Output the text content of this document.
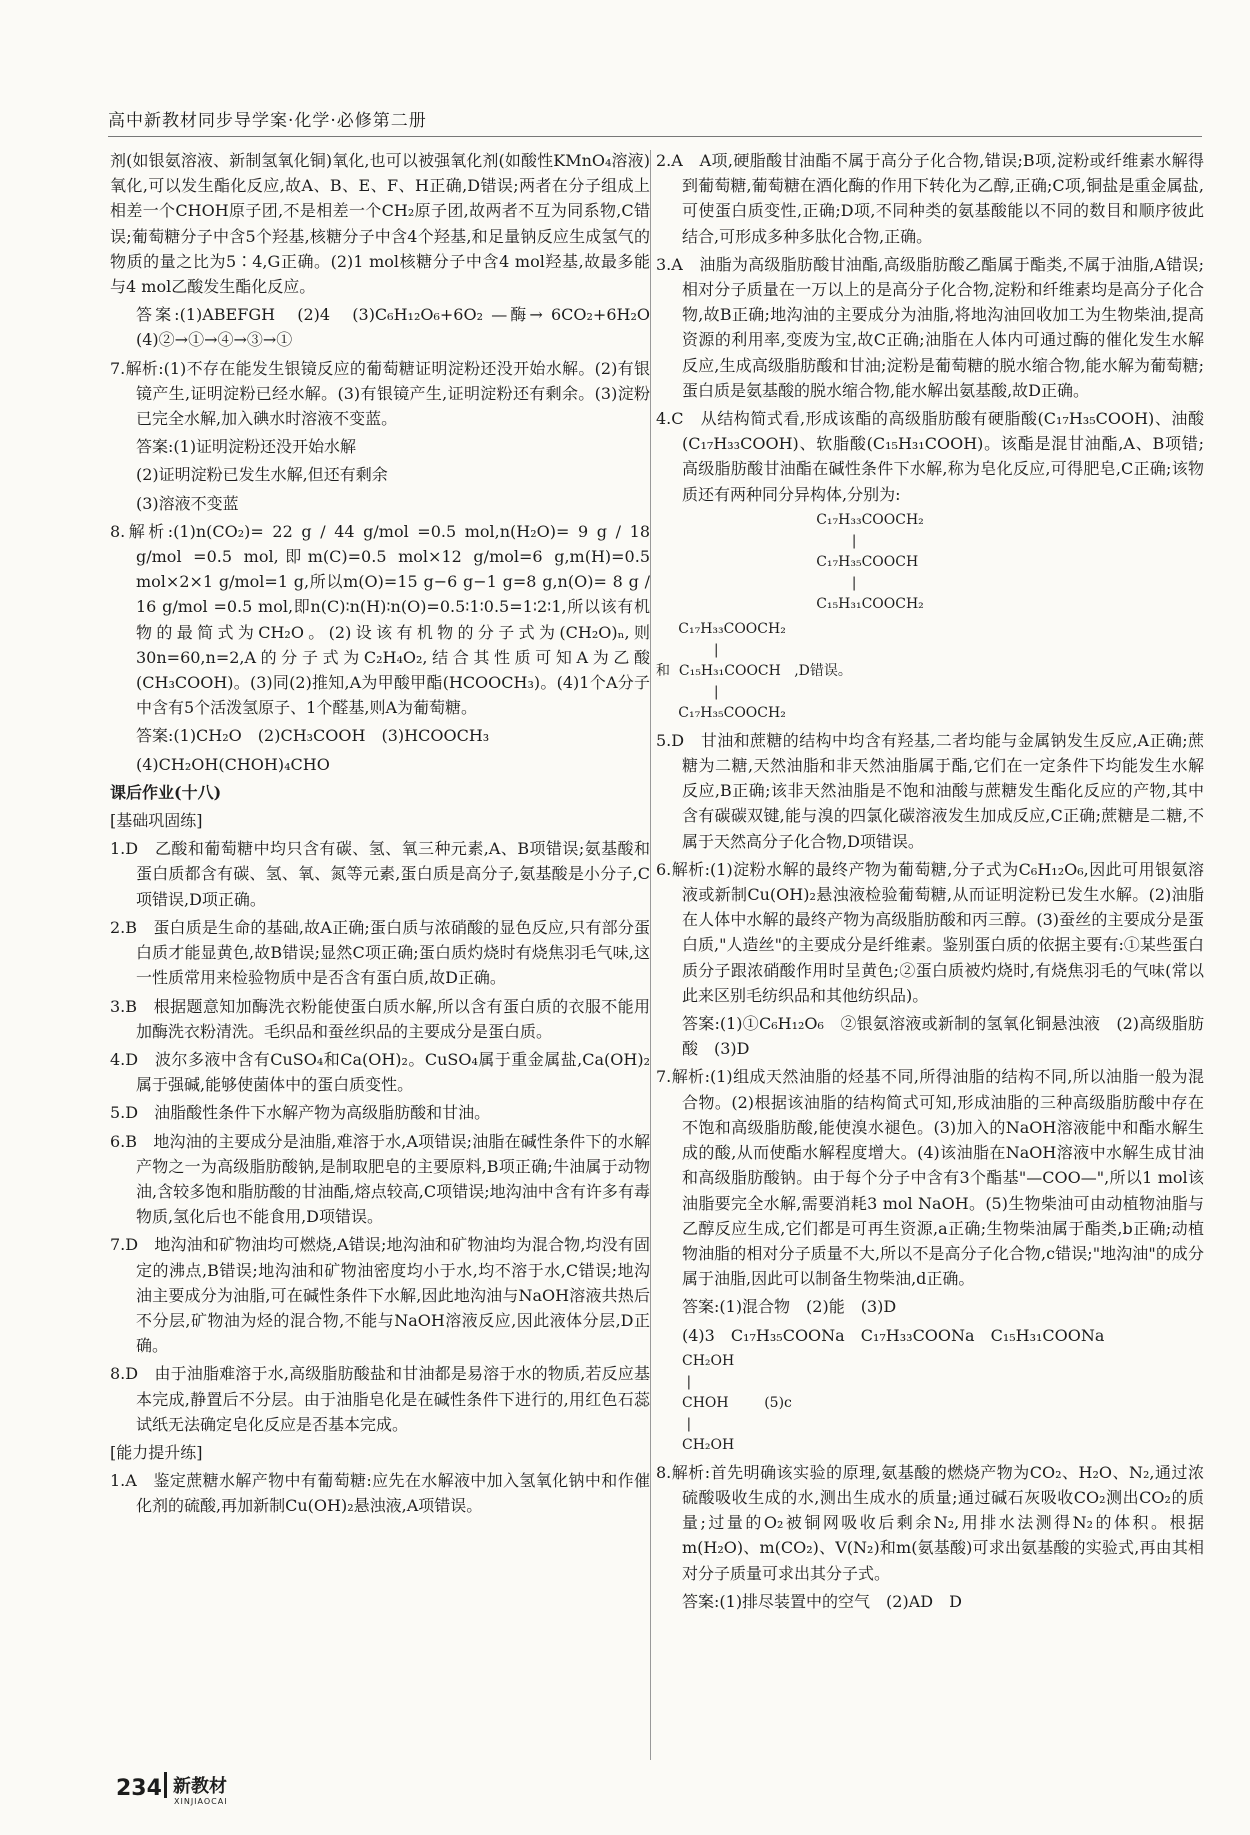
高中新教材同步导学案·化学·必修第二册

剂(如银氨溶液、新制氢氧化铜)氧化,也可以被强氧化剂(如酸性KMnO₄溶液)氧化,可以发生酯化反应,故A、B、E、F、H正确,D错误;两者在分子组成上相差一个CHOH原子团,不是相差一个CH₂原子团,故两者不互为同系物,C错误;葡萄糖分子中含5个羟基,核糖分子中含4个羟基,和足量钠反应生成氢气的物质的量之比为5∶4,G正确。(2)1 mol核糖分子中含4 mol羟基,故最多能与4 mol乙酸发生酯化反应。

答案:(1)ABEFGH　(2)4　(3)C₆H₁₂O₆+6O₂ —酶→ 6CO₂+6H₂O　(4)②→①→④→③→①

7.解析:(1)不存在能发生银镜反应的葡萄糖证明淀粉还没开始水解。(2)有银镜产生,证明淀粉已经水解。(3)有银镜产生,证明淀粉还有剩余。(3)淀粉已完全水解,加入碘水时溶液不变蓝。

答案:(1)证明淀粉还没开始水解

(2)证明淀粉已发生水解,但还有剩余

(3)溶液不变蓝

8.解析:(1)n(CO₂)= 22 g / 44 g/mol =0.5 mol,n(H₂O)= 9 g / 18 g/mol =0.5 mol,即m(C)=0.5 mol×12 g/mol=6 g,m(H)=0.5 mol×2×1 g/mol=1 g,所以m(O)=15 g−6 g−1 g=8 g,n(O)= 8 g / 16 g/mol =0.5 mol,即n(C)∶n(H)∶n(O)=0.5∶1∶0.5=1∶2∶1,所以该有机物的最简式为CH₂O。(2)设该有机物的分子式为(CH₂O)ₙ,则30n=60,n=2,A的分子式为C₂H₄O₂,结合其性质可知A为乙酸(CH₃COOH)。(3)同(2)推知,A为甲酸甲酯(HCOOCH₃)。(4)1个A分子中含有5个活泼氢原子、1个醛基,则A为葡萄糖。

答案:(1)CH₂O　(2)CH₃COOH　(3)HCOOCH₃

(4)CH₂OH(CHOH)₄CHO

课后作业(十八)

[基础巩固练]

1.D　乙酸和葡萄糖中均只含有碳、氢、氧三种元素,A、B项错误;氨基酸和蛋白质都含有碳、氢、氧、氮等元素,蛋白质是高分子,氨基酸是小分子,C项错误,D项正确。

2.B　蛋白质是生命的基础,故A正确;蛋白质与浓硝酸的显色反应,只有部分蛋白质才能显黄色,故B错误;显然C项正确;蛋白质灼烧时有烧焦羽毛气味,这一性质常用来检验物质中是否含有蛋白质,故D正确。

3.B　根据题意知加酶洗衣粉能使蛋白质水解,所以含有蛋白质的衣服不能用加酶洗衣粉清洗。毛织品和蚕丝织品的主要成分是蛋白质。

4.D　波尔多液中含有CuSO₄和Ca(OH)₂。CuSO₄属于重金属盐,Ca(OH)₂属于强碱,能够使菌体中的蛋白质变性。

5.D　油脂酸性条件下水解产物为高级脂肪酸和甘油。

6.B　地沟油的主要成分是油脂,难溶于水,A项错误;油脂在碱性条件下的水解产物之一为高级脂肪酸钠,是制取肥皂的主要原料,B项正确;牛油属于动物油,含较多饱和脂肪酸的甘油酯,熔点较高,C项错误;地沟油中含有许多有毒物质,氢化后也不能食用,D项错误。

7.D　地沟油和矿物油均可燃烧,A错误;地沟油和矿物油均为混合物,均没有固定的沸点,B错误;地沟油和矿物油密度均小于水,均不溶于水,C错误;地沟油主要成分为油脂,可在碱性条件下水解,因此地沟油与NaOH溶液共热后不分层,矿物油为烃的混合物,不能与NaOH溶液反应,因此液体分层,D正确。

8.D　由于油脂难溶于水,高级脂肪酸盐和甘油都是易溶于水的物质,若反应基本完成,静置后不分层。由于油脂皂化是在碱性条件下进行的,用红色石蕊试纸无法确定皂化反应是否基本完成。

[能力提升练]

1.A　鉴定蔗糖水解产物中有葡萄糖:应先在水解液中加入氢氧化钠中和作催化剂的硫酸,再加新制Cu(OH)₂悬浊液,A项错误。

2.A　A项,硬脂酸甘油酯不属于高分子化合物,错误;B项,淀粉或纤维素水解得到葡萄糖,葡萄糖在酒化酶的作用下转化为乙醇,正确;C项,铜盐是重金属盐,可使蛋白质变性,正确;D项,不同种类的氨基酸能以不同的数目和顺序彼此结合,可形成多种多肽化合物,正确。

3.A　油脂为高级脂肪酸甘油酯,高级脂肪酸乙酯属于酯类,不属于油脂,A错误;相对分子质量在一万以上的是高分子化合物,淀粉和纤维素均是高分子化合物,故B正确;地沟油的主要成分为油脂,将地沟油回收加工为生物柴油,提高资源的利用率,变废为宝,故C正确;油脂在人体内可通过酶的催化发生水解反应,生成高级脂肪酸和甘油;淀粉是葡萄糖的脱水缩合物,能水解为葡萄糖;蛋白质是氨基酸的脱水缩合物,能水解出氨基酸,故D正确。

4.C　从结构简式看,形成该酯的高级脂肪酸有硬脂酸(C₁₇H₃₅COOH)、油酸(C₁₇H₃₃COOH)、软脂酸(C₁₅H₃₁COOH)。该酯是混甘油酯,A、B项错;高级脂肪酸甘油酯在碱性条件下水解,称为皂化反应,可得肥皂,C正确;该物质还有两种同分异构体,分别为:

C₁₇H₃₃COOCH₂
|
C₁₇H₃₅COOCH
|
C₁₅H₃₁COOCH₂
C₁₇H₃₃COOCH₂
|
和  C₁₅H₃₁COOCH   ,D错误。
|
C₁₇H₃₅COOCH₂

5.D　甘油和蔗糖的结构中均含有羟基,二者均能与金属钠发生反应,A正确;蔗糖为二糖,天然油脂和非天然油脂属于酯,它们在一定条件下均能发生水解反应,B正确;该非天然油脂是不饱和油酸与蔗糖发生酯化反应的产物,其中含有碳碳双键,能与溴的四氯化碳溶液发生加成反应,C正确;蔗糖是二糖,不属于天然高分子化合物,D项错误。

6.解析:(1)淀粉水解的最终产物为葡萄糖,分子式为C₆H₁₂O₆,因此可用银氨溶液或新制Cu(OH)₂悬浊液检验葡萄糖,从而证明淀粉已发生水解。(2)油脂在人体中水解的最终产物为高级脂肪酸和丙三醇。(3)蚕丝的主要成分是蛋白质,"人造丝"的主要成分是纤维素。鉴别蛋白质的依据主要有:①某些蛋白质分子跟浓硝酸作用时呈黄色;②蛋白质被灼烧时,有烧焦羽毛的气味(常以此来区别毛纺织品和其他纺织品)。

答案:(1)①C₆H₁₂O₆　②银氨溶液或新制的氢氧化铜悬浊液　(2)高级脂肪酸　(3)D

7.解析:(1)组成天然油脂的烃基不同,所得油脂的结构不同,所以油脂一般为混合物。(2)根据该油脂的结构简式可知,形成油脂的三种高级脂肪酸中存在不饱和高级脂肪酸,能使溴水褪色。(3)加入的NaOH溶液能中和酯水解生成的酸,从而使酯水解程度增大。(4)该油脂在NaOH溶液中水解生成甘油和高级脂肪酸钠。由于每个分子中含有3个酯基"—COO—",所以1 mol该油脂要完全水解,需要消耗3 mol NaOH。(5)生物柴油可由动植物油脂与乙醇反应生成,它们都是可再生资源,a正确;生物柴油属于酯类,b正确;动植物油脂的相对分子质量不大,所以不是高分子化合物,c错误;"地沟油"的成分属于油脂,因此可以制备生物柴油,d正确。

答案:(1)混合物　(2)能　(3)D

(4)3　C₁₇H₃₅COONa　C₁₇H₃₃COONa　C₁₅H₃₁COONa

CH₂OH
|
CHOH        (5)c
|
CH₂OH

8.解析:首先明确该实验的原理,氨基酸的燃烧产物为CO₂、H₂O、N₂,通过浓硫酸吸收生成的水,测出生成水的质量;通过碱石灰吸收CO₂测出CO₂的质量;过量的O₂被铜网吸收后剩余N₂,用排水法测得N₂的体积。根据m(H₂O)、m(CO₂)、V(N₂)和m(氨基酸)可求出氨基酸的实验式,再由其相对分子质量可求出其分子式。

答案:(1)排尽装置中的空气　(2)AD　D

234 新教材
XINJIAOCAI
